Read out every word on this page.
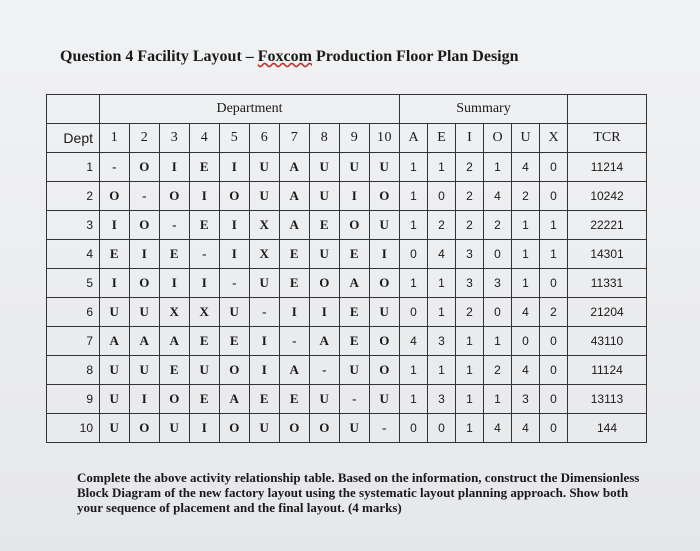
Question 4 Facility Layout – Foxcom Production Floor Plan Design
	Department										Summary						
Dept	1	2	3	4	5	6	7	8	9	10	A	E	I	O	U	X	TCR
1	-	O	I	E	I	U	A	U	U	U	1	1	2	1	4	0	11214
2	O	-	O	I	O	U	A	U	I	O	1	0	2	4	2	0	10242
3	I	O	-	E	I	X	A	E	O	U	1	2	2	2	1	1	22221
4	E	I	E	-	I	X	E	U	E	I	0	4	3	0	1	1	14301
5	I	O	I	I	-	U	E	O	A	O	1	1	3	3	1	0	11331
6	U	U	X	X	U	-	I	I	E	U	0	1	2	0	4	2	21204
7	A	A	A	E	E	I	-	A	E	O	4	3	1	1	0	0	43110
8	U	U	E	U	O	I	A	-	U	O	1	1	1	2	4	0	11124
9	U	I	O	E	A	E	E	U	-	U	1	3	1	1	3	0	13113
10	U	O	U	I	O	U	O	O	U	-	0	0	1	4	4	0	144
Complete the above activity relationship table. Based on the information, construct the Dimensionless Block Diagram of the new factory layout using the systematic layout planning approach. Show both your sequence of placement and the final layout. (4 marks)
